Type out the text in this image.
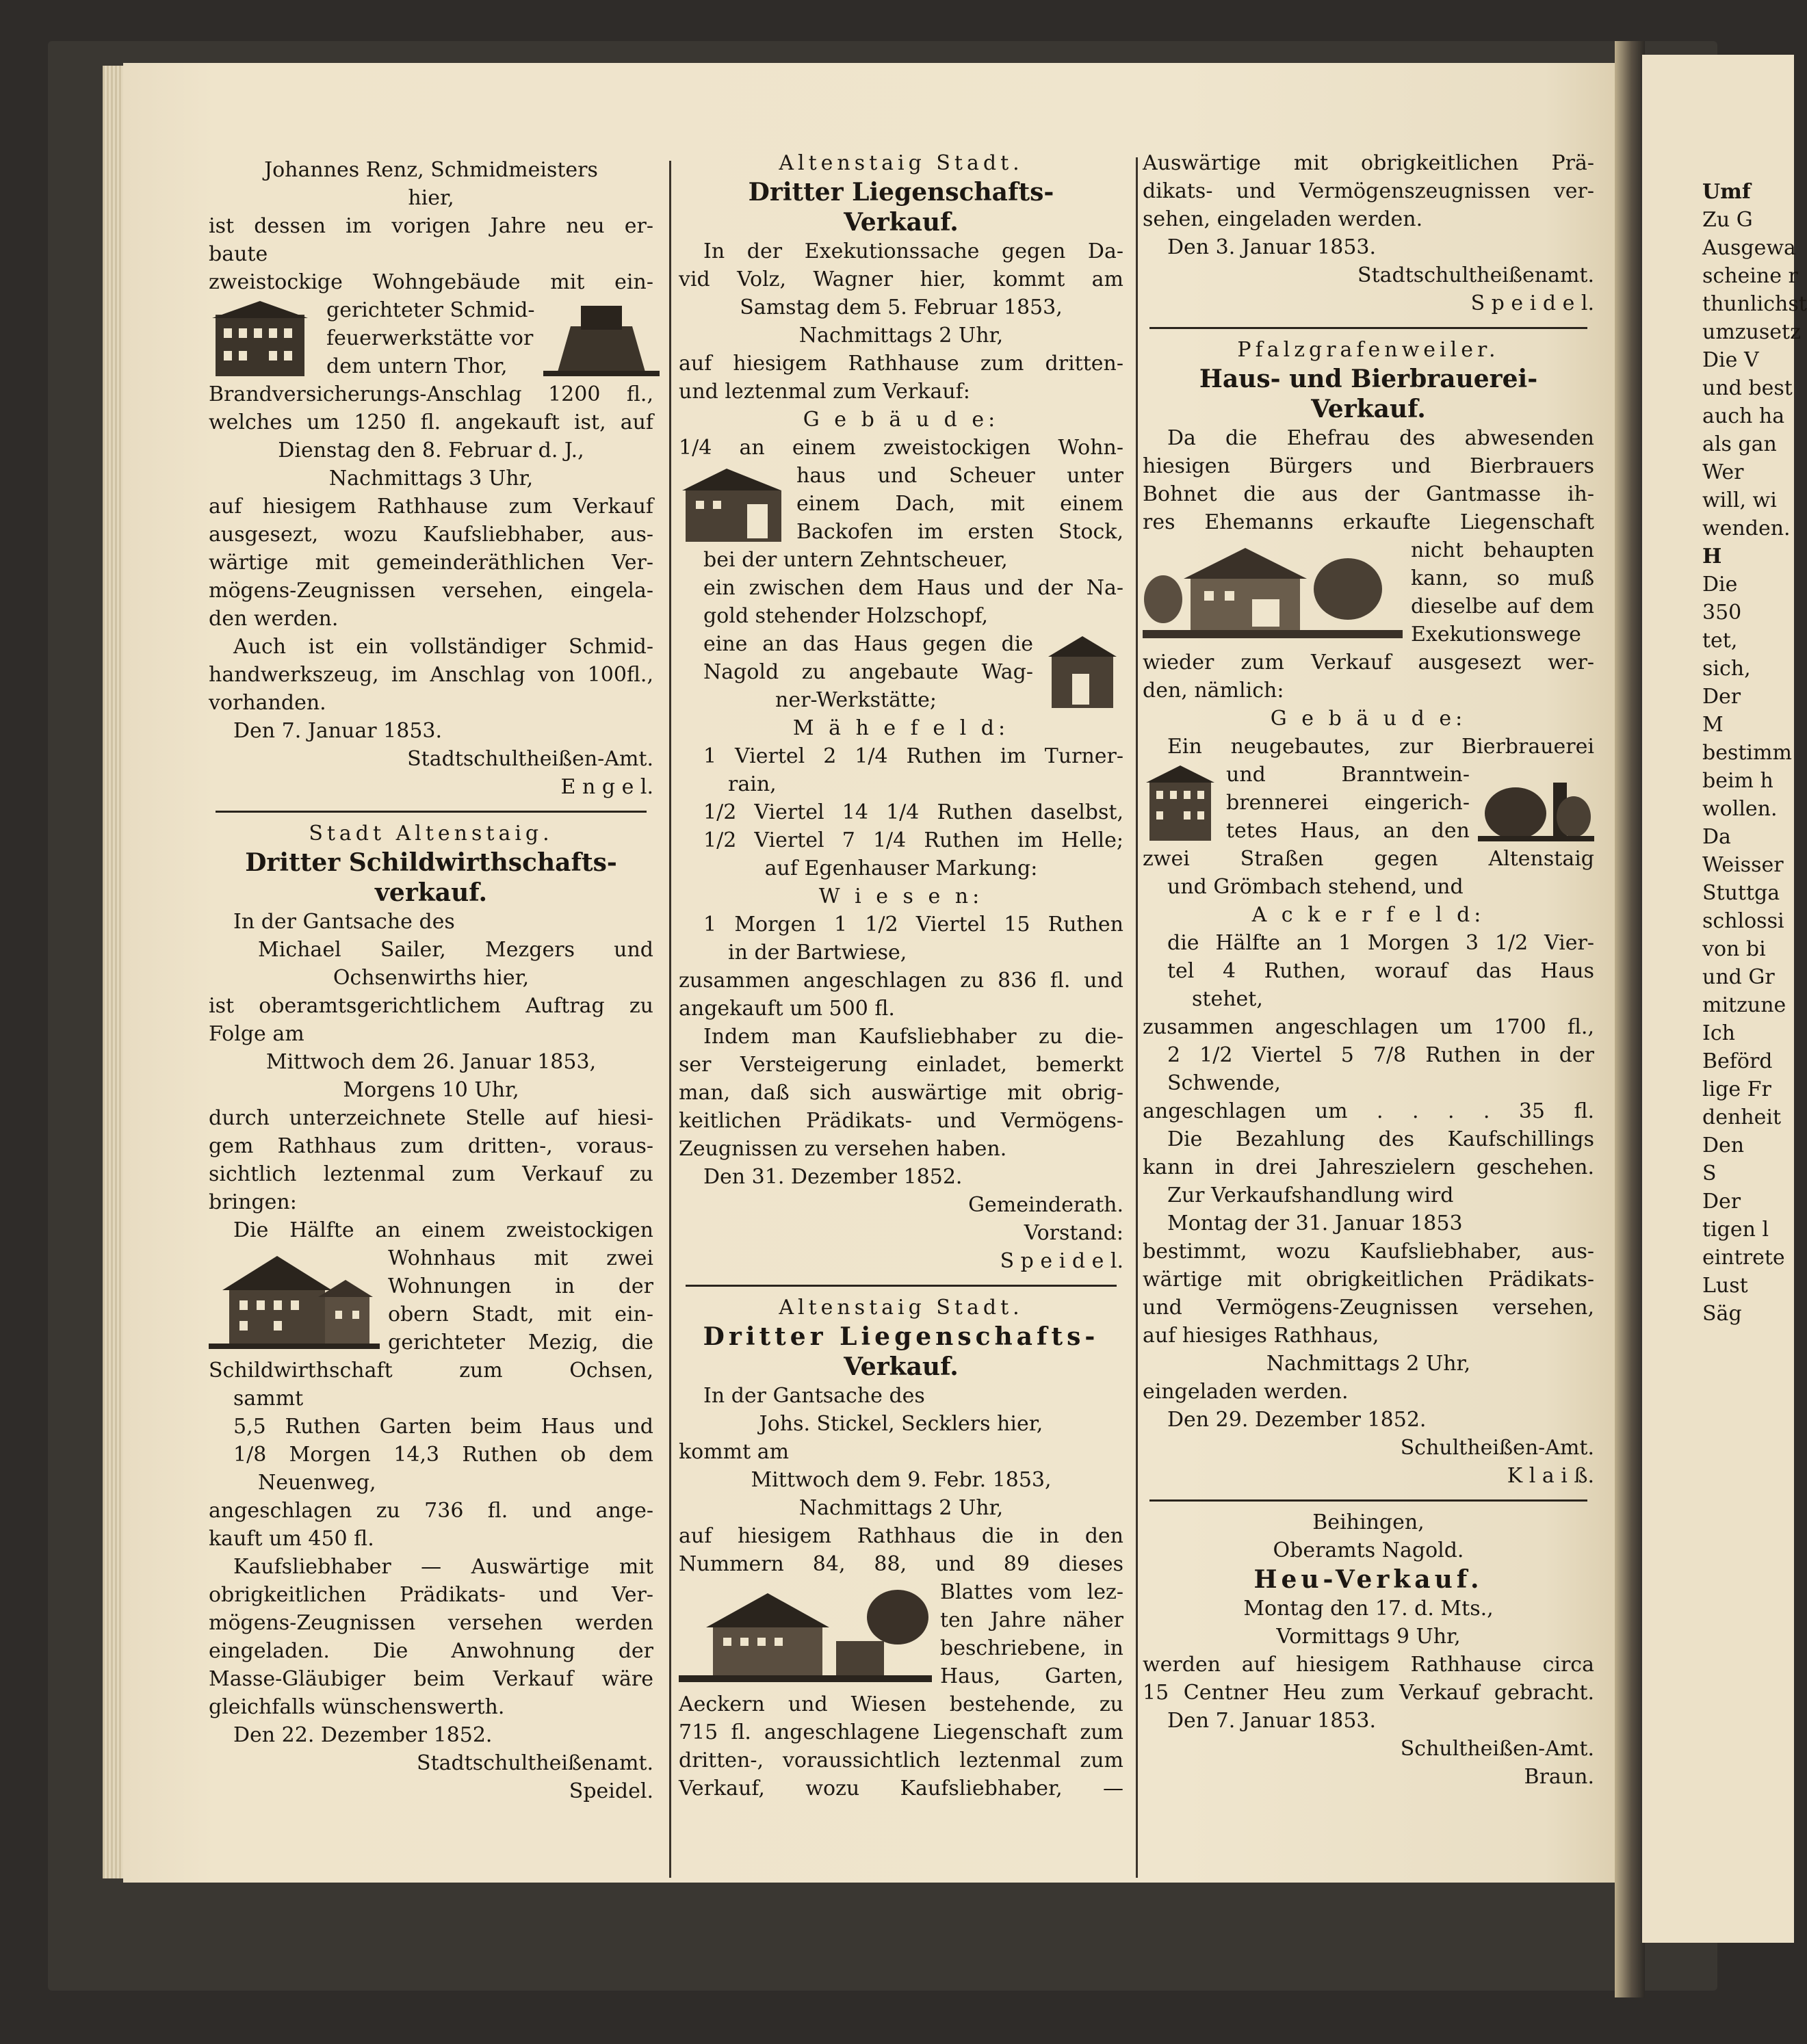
Johannes Renz, Schmidmeisters

hier,

ist dessen im vorigen Jahre neu er-

baute

zweistockige Wohngebäude mit ein-

gerichteter Schmid-

feuerwerkstätte vor

dem untern Thor,

Brandversicherungs-Anschlag 1200 fl.,

welches um 1250 fl. angekauft ist, auf

Dienstag den 8. Februar d. J.,

Nachmittags 3 Uhr,

auf hiesigem Rathhause zum Verkauf

ausgesezt, wozu Kaufsliebhaber, aus-

wärtige mit gemeinderäthlichen Ver-

mögens-Zeugnissen versehen, eingela-

den werden.

Auch ist ein vollständiger Schmid-

handwerkszeug, im Anschlag von 100fl.,

vorhanden.

Den 7. Januar 1853.

Stadtschultheißen-Amt.

E n g e l.

Stadt Altenstaig.

Dritter Schildwirthschafts-

verkauf.

In der Gantsache des

Michael Sailer, Mezgers und

Ochsenwirths hier,

ist oberamtsgerichtlichem Auftrag zu

Folge am

Mittwoch dem 26. Januar 1853,

Morgens 10 Uhr,

durch unterzeichnete Stelle auf hiesi-

gem Rathhaus zum dritten-, voraus-

sichtlich leztenmal zum Verkauf zu

bringen:

Die Hälfte an einem zweistockigen

Wohnhaus mit zwei

Wohnungen in der

obern Stadt, mit ein-

gerichteter Mezig, die

Schildwirthschaft zum Ochsen,

sammt

5,5 Ruthen Garten beim Haus und

1/8 Morgen 14,3 Ruthen ob dem

Neuenweg,

angeschlagen zu 736 fl. und ange-

kauft um 450 fl.

Kaufsliebhaber — Auswärtige mit

obrigkeitlichen Prädikats- und Ver-

mögens-Zeugnissen versehen werden

eingeladen. Die Anwohnung der

Masse-Gläubiger beim Verkauf wäre

gleichfalls wünschenswerth.

Den 22. Dezember 1852.

Stadtschultheißenamt.

Speidel.

Altenstaig Stadt.

Dritter Liegenschafts-

Verkauf.

In der Exekutionssache gegen Da-

vid Volz, Wagner hier, kommt am

Samstag dem 5. Februar 1853,

Nachmittags 2 Uhr,

auf hiesigem Rathhause zum dritten-

und leztenmal zum Verkauf:

G e b ä u d e:

1/4 an einem zweistockigen Wohn-

haus und Scheuer unter

einem Dach, mit einem

Backofen im ersten Stock,

bei der untern Zehntscheuer,

ein zwischen dem Haus und der Na-

gold stehender Holzschopf,

eine an das Haus gegen die

Nagold zu angebaute Wag-

ner-Werkstätte;

M ä h e f e l d:

1 Viertel 2 1/4 Ruthen im Turner-

rain,

1/2 Viertel 14 1/4 Ruthen daselbst,

1/2 Viertel 7 1/4 Ruthen im Helle;

auf Egenhauser Markung:

W i e s e n:

1 Morgen 1 1/2 Viertel 15 Ruthen

in der Bartwiese,

zusammen angeschlagen zu 836 fl. und

angekauft um 500 fl.

Indem man Kaufsliebhaber zu die-

ser Versteigerung einladet, bemerkt

man, daß sich auswärtige mit obrig-

keitlichen Prädikats- und Vermögens-

Zeugnissen zu versehen haben.

Den 31. Dezember 1852.

Gemeinderath.

Vorstand:

S p e i d e l.

Altenstaig Stadt.

Dritter Liegenschafts-

Verkauf.

In der Gantsache des

Johs. Stickel, Secklers hier,

kommt am

Mittwoch dem 9. Febr. 1853,

Nachmittags 2 Uhr,

auf hiesigem Rathhaus die in den

Nummern 84, 88, und 89 dieses

Blattes vom lez-

ten Jahre näher

beschriebene, in

Haus, Garten,

Aeckern und Wiesen bestehende, zu

715 fl. angeschlagene Liegenschaft zum

dritten-, voraussichtlich leztenmal zum

Verkauf, wozu Kaufsliebhaber, —

Auswärtige mit obrigkeitlichen Prä-

dikats- und Vermögenszeugnissen ver-

sehen, eingeladen werden.

Den 3. Januar 1853.

Stadtschultheißenamt.

S p e i d e l.

Pfalzgrafenweiler.

Haus- und Bierbrauerei-

Verkauf.

Da die Ehefrau des abwesenden

hiesigen Bürgers und Bierbrauers

Bohnet die aus der Gantmasse ih-

res Ehemanns erkaufte Liegenschaft

nicht behaupten

kann, so muß

dieselbe auf dem

Exekutionswege

wieder zum Verkauf ausgesezt wer-

den, nämlich:

G e b ä u d e:

Ein neugebautes, zur Bierbrauerei

und Branntwein-

brennerei eingerich-

tetes Haus, an den

zwei Straßen gegen Altenstaig

und Grömbach stehend, und

A c k e r f e l d:

die Hälfte an 1 Morgen 3 1/2 Vier-

tel 4 Ruthen, worauf das Haus

stehet,

zusammen angeschlagen um 1700 fl.,

2 1/2 Viertel 5 7/8 Ruthen in der

Schwende,

angeschlagen um . . . . 35 fl.

Die Bezahlung des Kaufschillings

kann in drei Jahreszielern geschehen.

Zur Verkaufshandlung wird

Montag der 31. Januar 1853

bestimmt, wozu Kaufsliebhaber, aus-

wärtige mit obrigkeitlichen Prädikats-

und Vermögens-Zeugnissen versehen,

auf hiesiges Rathhaus,

Nachmittags 2 Uhr,

eingeladen werden.

Den 29. Dezember 1852.

Schultheißen-Amt.

K l a i ß.

Beihingen,

Oberamts Nagold.

Heu-Verkauf.

Montag den 17. d. Mts.,

Vormittags 9 Uhr,

werden auf hiesigem Rathhause circa

15 Centner Heu zum Verkauf gebracht.

Den 7. Januar 1853.

Schultheißen-Amt.

Braun.

Umf

Zu G

Ausgewa

scheine r

thunlichst

umzusetz

Die V

und best

auch ha

als gan

Wer

will, wi

wenden.

H

Die

350

tet,

sich,

Der

M

bestimm

beim h

wollen.

Da

Weisser

Stuttga

schlossi

von bi

und Gr

mitzune

Ich

Beförd

lige Fr

denheit

Den

S

Der

tigen l

eintrete

Lust

Säg
